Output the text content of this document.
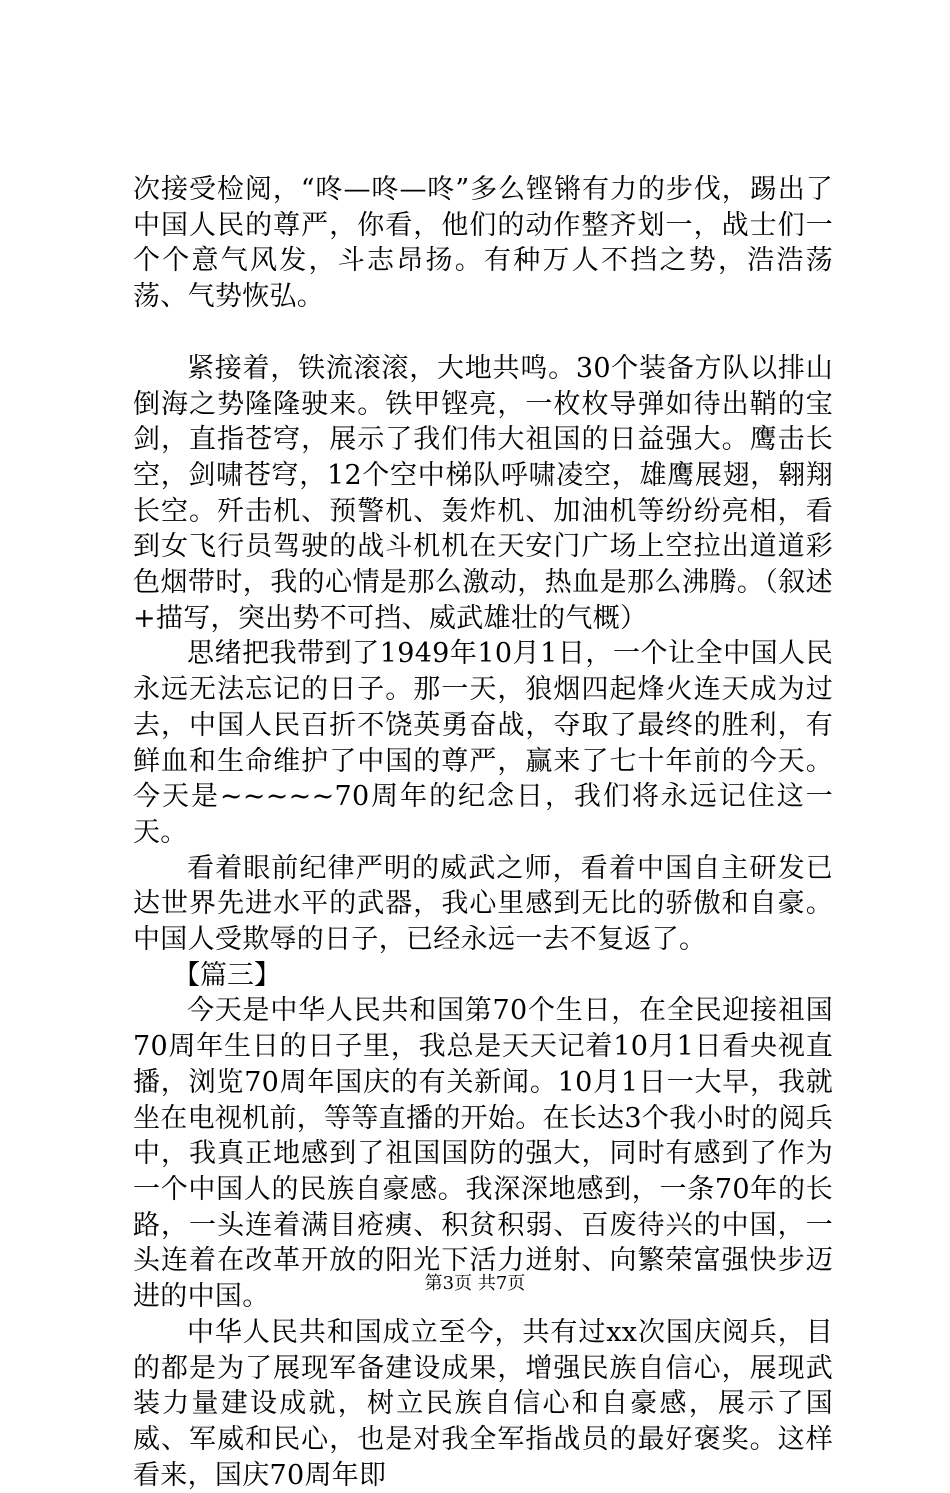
次接受检阅，“咚—咚—咚”多么铿锵有力的步伐，踢出了中国人民的尊严，你看，他们的动作整齐划一，战士们一个个意气风发，斗志昂扬。有种万人不挡之势，浩浩荡荡、气势恢弘。

紧接着，铁流滚滚，大地共鸣。30个装备方队以排山倒海之势隆隆驶来。铁甲铿亮，一枚枚导弹如待出鞘的宝剑，直指苍穹，展示了我们伟大祖国的日益强大。鹰击长空，剑啸苍穹，12个空中梯队呼啸凌空，雄鹰展翅，翱翔长空。歼击机、预警机、轰炸机、加油机等纷纷亮相，看到女飞行员驾驶的战斗机机在天安门广场上空拉出道道彩色烟带时，我的心情是那么激动，热血是那么沸腾。（叙述+描写，突出势不可挡、威武雄壮的气概）

思绪把我带到了1949年10月1日，一个让全中国人民永远无法忘记的日子。那一天，狼烟四起烽火连天成为过去，中国人民百折不饶英勇奋战，夺取了最终的胜利，有鲜血和生命维护了中国的尊严，赢来了七十年前的今天。今天是~~~~~70周年的纪念日，我们将永远记住这一天。

看着眼前纪律严明的威武之师，看着中国自主研发已达世界先进水平的武器，我心里感到无比的骄傲和自豪。中国人受欺辱的日子，已经永远一去不复返了。

【篇三】

今天是中华人民共和国第70个生日，在全民迎接祖国70周年生日的日子里，我总是天天记着10月1日看央视直播，浏览70周年国庆的有关新闻。10月1日一大早，我就坐在电视机前，等等直播的开始。在长达3个我小时的阅兵中，我真正地感到了祖国国防的强大，同时有感到了作为一个中国人的民族自豪感。我深深地感到，一条70年的长路，一头连着满目疮痍、积贫积弱、百废待兴的中国，一头连着在改革开放的阳光下活力迸射、向繁荣富强快步迈进的中国。

中华人民共和国成立至今，共有过xx次国庆阅兵，目的都是为了展现军备建设成果，增强民族自信心，展现武装力量建设成就，树立民族自信心和自豪感，展示了国威、军威和民心，也是对我全军指战员的最好褒奖。这样看来，国庆70周年即

第3页 共7页
